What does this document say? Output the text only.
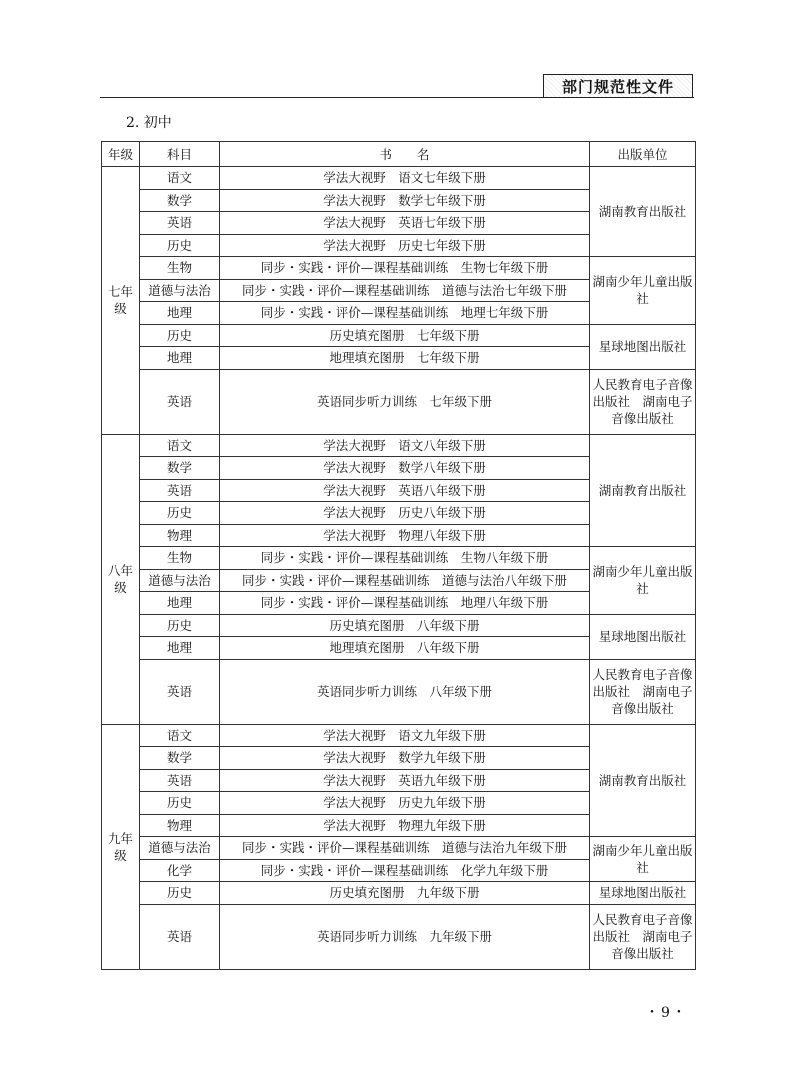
部门规范性文件
2. 初中
年级	科目	书　　名	出版单位
七年级	语文	学法大视野　语文七年级下册	湖南教育出版社
	数学	学法大视野　数学七年级下册	
	英语	学法大视野　英语七年级下册	
	历史	学法大视野　历史七年级下册	
	生物	同步・实践・评价—课程基础训练　生物七年级下册	湖南少年儿童出版社
	道德与法治	同步・实践・评价—课程基础训练　道德与法治七年级下册	
	地理	同步・实践・评价—课程基础训练　地理七年级下册	
	历史	历史填充图册　七年级下册	星球地图出版社
	地理	地理填充图册　七年级下册	
	英语	英语同步听力训练　七年级下册	人民教育电子音像出版社　湖南电子音像出版社
八年级	语文	学法大视野　语文八年级下册	湖南教育出版社
	数学	学法大视野　数学八年级下册	
	英语	学法大视野　英语八年级下册	
	历史	学法大视野　历史八年级下册	
	物理	学法大视野　物理八年级下册	
	生物	同步・实践・评价—课程基础训练　生物八年级下册	湖南少年儿童出版社
	道德与法治	同步・实践・评价—课程基础训练　道德与法治八年级下册	
	地理	同步・实践・评价—课程基础训练　地理八年级下册	
	历史	历史填充图册　八年级下册	星球地图出版社
	地理	地理填充图册　八年级下册	
	英语	英语同步听力训练　八年级下册	人民教育电子音像出版社　湖南电子音像出版社
九年级	语文	学法大视野　语文九年级下册	湖南教育出版社
	数学	学法大视野　数学九年级下册	
	英语	学法大视野　英语九年级下册	
	历史	学法大视野　历史九年级下册	
	物理	学法大视野　物理九年级下册	
	道德与法治	同步・实践・评价—课程基础训练　道德与法治九年级下册	湖南少年儿童出版社
	化学	同步・实践・评价—课程基础训练　化学九年级下册	
	历史	历史填充图册　九年级下册	星球地图出版社
	英语	英语同步听力训练　九年级下册	人民教育电子音像出版社　湖南电子音像出版社
・9・
